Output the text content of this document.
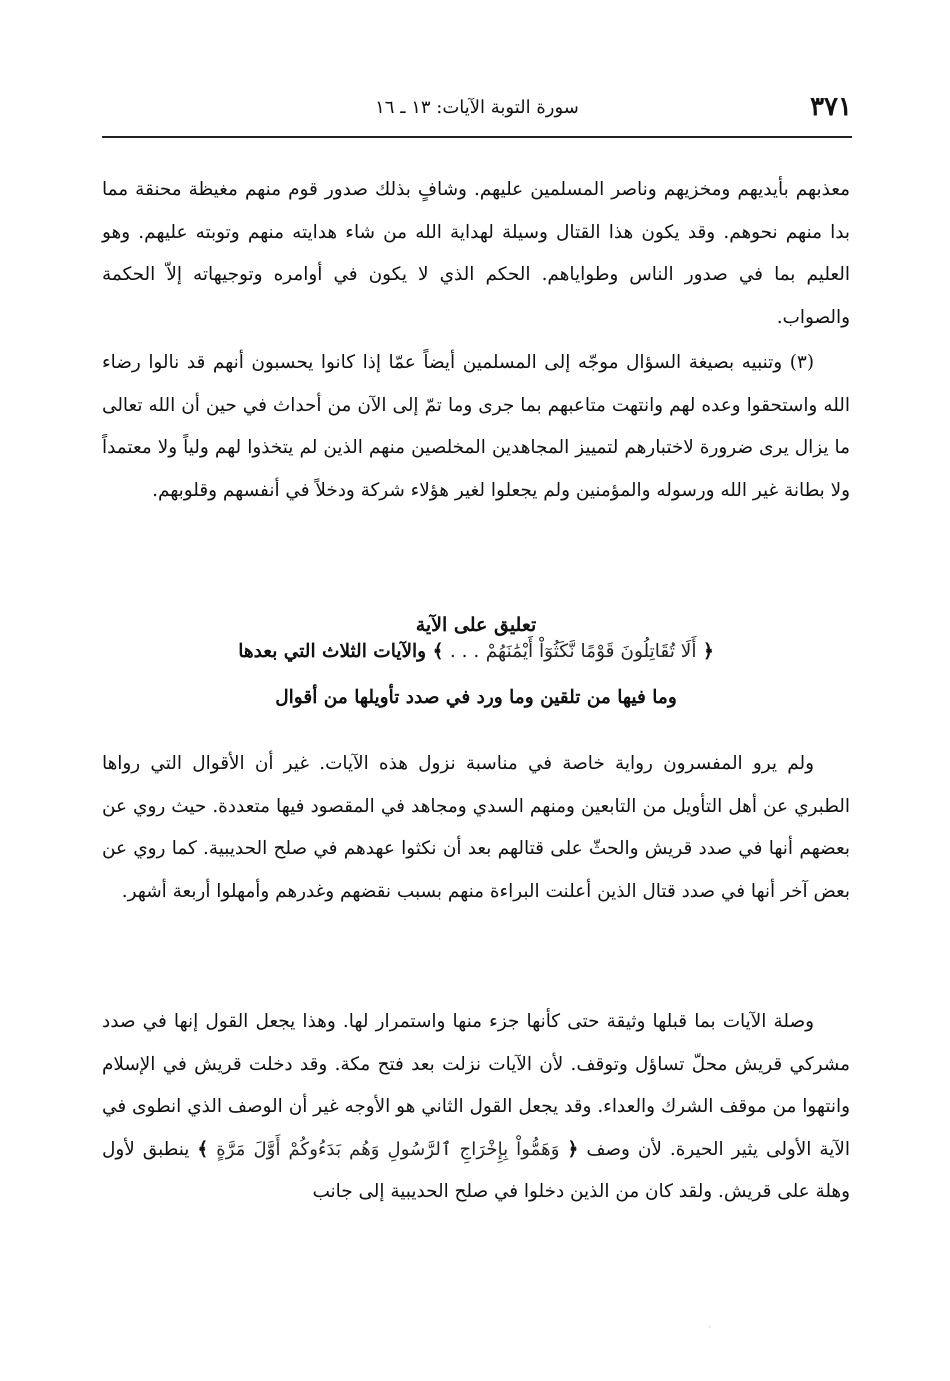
٣٧١
سورة التوبة الآيات: ١٣ ـ ١٦

معذبهم بأيديهم ومخزيهم وناصر المسلمين عليهم. وشافٍ بذلك صدور قوم منهم مغيظة محنقة مما بدا منهم نحوهم. وقد يكون هذا القتال وسيلة لهداية الله من شاء هدايته منهم وتوبته عليهم. وهو العليم بما في صدور الناس وطواياهم. الحكم الذي لا يكون في أوامره وتوجيهاته إلاّ الحكمة والصواب.

(٣) وتنبيه بصيغة السؤال موجّه إلى المسلمين أيضاً عمّا إذا كانوا يحسبون أنهم قد نالوا رضاء الله واستحقوا وعده لهم وانتهت متاعبهم بما جرى وما تمّ إلى الآن من أحداث في حين أن الله تعالى ما يزال يرى ضرورة لاختبارهم لتمييز المجاهدين المخلصين منهم الذين لم يتخذوا لهم ولياً ولا معتمداً ولا بطانة غير الله ورسوله والمؤمنين ولم يجعلوا لغير هؤلاء شركة ودخلاً في أنفسهم وقلوبهم.

تعليق على الآية
﴿ أَلَا تُقَاتِلُونَ قَوْمًا نَّكَثُوٓاْ أَيْمَٰنَهُمْ . . . ﴾ والآيات الثلاث التي بعدها
وما فيها من تلقين وما ورد في صدد تأويلها من أقوال

ولم يرو المفسرون رواية خاصة في مناسبة نزول هذه الآيات. غير أن الأقوال التي رواها الطبري عن أهل التأويل من التابعين ومنهم السدي ومجاهد في المقصود فيها متعددة. حيث روي عن بعضهم أنها في صدد قريش والحثّ على قتالهم بعد أن نكثوا عهدهم في صلح الحديبية. كما روي عن بعض آخر أنها في صدد قتال الذين أعلنت البراءة منهم بسبب نقضهم وغدرهم وأمهلوا أربعة أشهر.

وصلة الآيات بما قبلها وثيقة حتى كأنها جزء منها واستمرار لها. وهذا يجعل القول إنها في صدد مشركي قريش محلّ تساؤل وتوقف. لأن الآيات نزلت بعد فتح مكة. وقد دخلت قريش في الإسلام وانتهوا من موقف الشرك والعداء. وقد يجعل القول الثاني هو الأوجه غير أن الوصف الذي انطوى في الآية الأولى يثير الحيرة. لأن وصف ﴿ وَهَمُّواْ بِإِخْرَاجِ ٱلرَّسُولِ وَهُم بَدَءُوكُمْ أَوَّلَ مَرَّةٍ ﴾ ينطبق لأول وهلة على قريش. ولقد كان من الذين دخلوا في صلح الحديبية إلى جانب
